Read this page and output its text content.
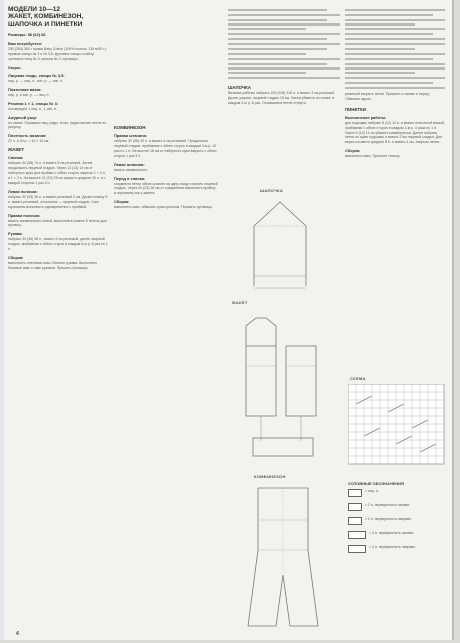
МОДЕЛИ 10—12
ЖАКЕТ, КОМБИНЕЗОН,
ШАПОЧКА И ПИНЕТКИ
Размеры: 56 (62) 68
Вам потребуется:
250 (300) 350 г пряжи Baby Cotton (100% хлопок, 115 м/50 г), прямые спицы № 3 и № 3,5, круговые спицы и набор чулочных спиц № 3; крючок № 3; пуговицы.
Узоры:
Лицевая гладь, спицы № 3,5:
лиц. р. — лиц. п., изн. р. — изн. п.
Платочная вязка:
лиц. р. и изн. р. — лиц. п.
Резинка 1 × 1, спицы № 3:
поочередно 1 лиц. п., 1 изн. п.
Ажурный узор:
по схеме. Показаны лиц. ряды, в изн. рядах вязать петли по рисунку.
Плотность вязания:
22 п. и 30 р. = 10 × 10 см.
ЖАКЕТ
Спинка:
набрать 54 (58) 74 п. и вязать 5 см резинкой. Затем продолжить лицевой гладью. Через 12 (13) 14 см от наборного края для проймы с обеих сторон закрыть 1 × 3 п. и 1 × 2 п. На высоте 21 (23) 25 см закрыть средние 20 п. и с каждой стороны 1 раз 3 п.
Левая полочка:
набрать 30 (33) 36 п. и вязать резинкой 5 см. Далее планку 5 п. вязать резинкой, остальные — лицевой гладью. Скос горловины выполнить одновременно с проймой.
Правая полочка:
вязать симметрично левой, выполнив в планке 5 петель для пуговиц.
Рукава:
набрать 34 (36) 38 п., вязать 4 см резинкой, далее лицевой гладью, прибавляя с обеих сторон в каждом 6-м р. 8 раз по 1 п.
Сборка:
выполнить плечевые швы. Втачать рукава. Выполнить боковые швы и швы рукавов. Пришить пуговицы.
КОМБИНЕЗОН
Правая штанина:
набрать 32 (36) 40 п. и вязать 4 см резинкой. Продолжить лицевой гладью, прибавляя с обеих сторон в каждом 4-м р. 10 раз по 1 п. На высоте 18 см от наборного края закрыть с обеих сторон 1 раз 3 п.
Левая штанина:
вязать симметрично.
Перед и спинка:
соединить петли обеих штанин на одну спицу и вязать лицевой гладью. Через 20 (23) 26 см от соединения выполнить пройму и горловину как у жакета.
Сборка:
выполнить швы, обвязать края крючком. Пришить пуговицы.
ШАПОЧКА
Вязание работы: набрать 100 (108) 116 п. и вязать 3 см резинкой. Далее узором: лицевой гладью 10 см. Затем убавить по схеме: в каждом 2-м р. 8 раз. Оставшиеся петли стянуть.
резинкой закрыть петли. Пришить к спинке и перед. Обвязать вдоль.
ПИНЕТКИ
Выполнение работы:
для подошвы набрать 8 (12) 12 п. и вязать платочной вязкой, прибавляя с обеих сторон в каждом 2-м р. 3 раза по 1 п. Через 9 (10) 11 см убавить симметрично. Далее набрать петли по краю подошвы и вязать 2 см лицевой гладью. Для верха оставить средние 8 п. и вязать 4 см. Закрыть петли.
Сборка:
выполнить швы. Пришить тесьму.
ШАПОЧКА
ЖАКЕТ
КОМБИНЕЗОН
СХЕМА
УСЛОВНЫЕ ОБОЗНАЧЕНИЯ
= лиц. п.
= 2 п. перекрестить налево
= 2 п. перекрестить направо
= 3 п. перекрестить налево
= 3 п. перекрестить направо
4
